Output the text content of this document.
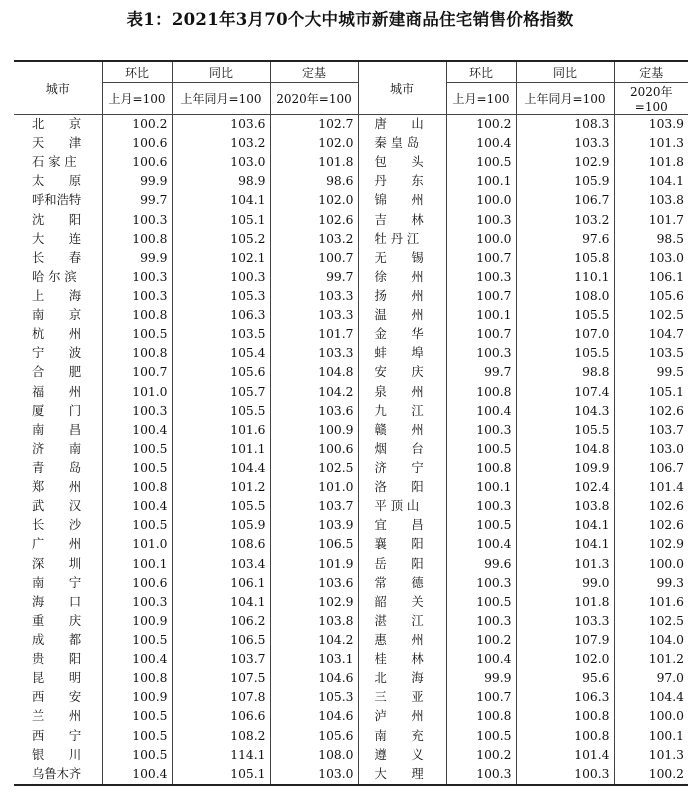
表1：2021年3月70个大中城市新建商品住宅销售价格指数
城市	环比	同比	定基	城市	环比	同比	定基
	上月=100	上年同月=100	2020年=100		上月=100	上年同月=100	2020年=100
北　　京	100.2	103.6	102.7	唐　　山	100.2	108.3	103.9
天　　津	100.6	103.2	102.0	秦 皇 岛	100.4	103.3	101.3
石 家 庄	100.6	103.0	101.8	包　　头	100.5	102.9	101.8
太　　原	99.9	98.9	98.6	丹　　东	100.1	105.9	104.1
呼和浩特	99.7	104.1	102.0	锦　　州	100.0	106.7	103.8
沈　　阳	100.3	105.1	102.6	吉　　林	100.3	103.2	101.7
大　　连	100.8	105.2	103.2	牡 丹 江	100.0	97.6	98.5
长　　春	99.9	102.1	100.7	无　　锡	100.7	105.8	103.0
哈 尔 滨	100.3	100.3	99.7	徐　　州	100.3	110.1	106.1
上　　海	100.3	105.3	103.3	扬　　州	100.7	108.0	105.6
南　　京	100.8	106.3	103.3	温　　州	100.1	105.5	102.5
杭　　州	100.5	103.5	101.7	金　　华	100.7	107.0	104.7
宁　　波	100.8	105.4	103.3	蚌　　埠	100.3	105.5	103.5
合　　肥	100.7	105.6	104.8	安　　庆	99.7	98.8	99.5
福　　州	101.0	105.7	104.2	泉　　州	100.8	107.4	105.1
厦　　门	100.3	105.5	103.6	九　　江	100.4	104.3	102.6
南　　昌	100.4	101.6	100.9	赣　　州	100.3	105.5	103.7
济　　南	100.5	101.1	100.6	烟　　台	100.5	104.8	103.0
青　　岛	100.5	104.4	102.5	济　　宁	100.8	109.9	106.7
郑　　州	100.8	101.2	101.0	洛　　阳	100.1	102.4	101.4
武　　汉	100.4	105.5	103.7	平 顶 山	100.3	103.8	102.6
长　　沙	100.5	105.9	103.9	宜　　昌	100.5	104.1	102.6
广　　州	101.0	108.6	106.5	襄　　阳	100.4	104.1	102.9
深　　圳	100.1	103.4	101.9	岳　　阳	99.6	101.3	100.0
南　　宁	100.6	106.1	103.6	常　　德	100.3	99.0	99.3
海　　口	100.3	104.1	102.9	韶　　关	100.5	101.8	101.6
重　　庆	100.9	106.2	103.8	湛　　江	100.3	103.3	102.5
成　　都	100.5	106.5	104.2	惠　　州	100.2	107.9	104.0
贵　　阳	100.4	103.7	103.1	桂　　林	100.4	102.0	101.2
昆　　明	100.8	107.5	104.6	北　　海	99.9	95.6	97.0
西　　安	100.9	107.8	105.3	三　　亚	100.7	106.3	104.4
兰　　州	100.5	106.6	104.6	泸　　州	100.8	100.8	100.0
西　　宁	100.5	108.2	105.6	南　　充	100.5	100.8	100.1
银　　川	100.5	114.1	108.0	遵　　义	100.2	101.4	101.3
乌鲁木齐	100.4	105.1	103.0	大　　理	100.3	100.3	100.2
